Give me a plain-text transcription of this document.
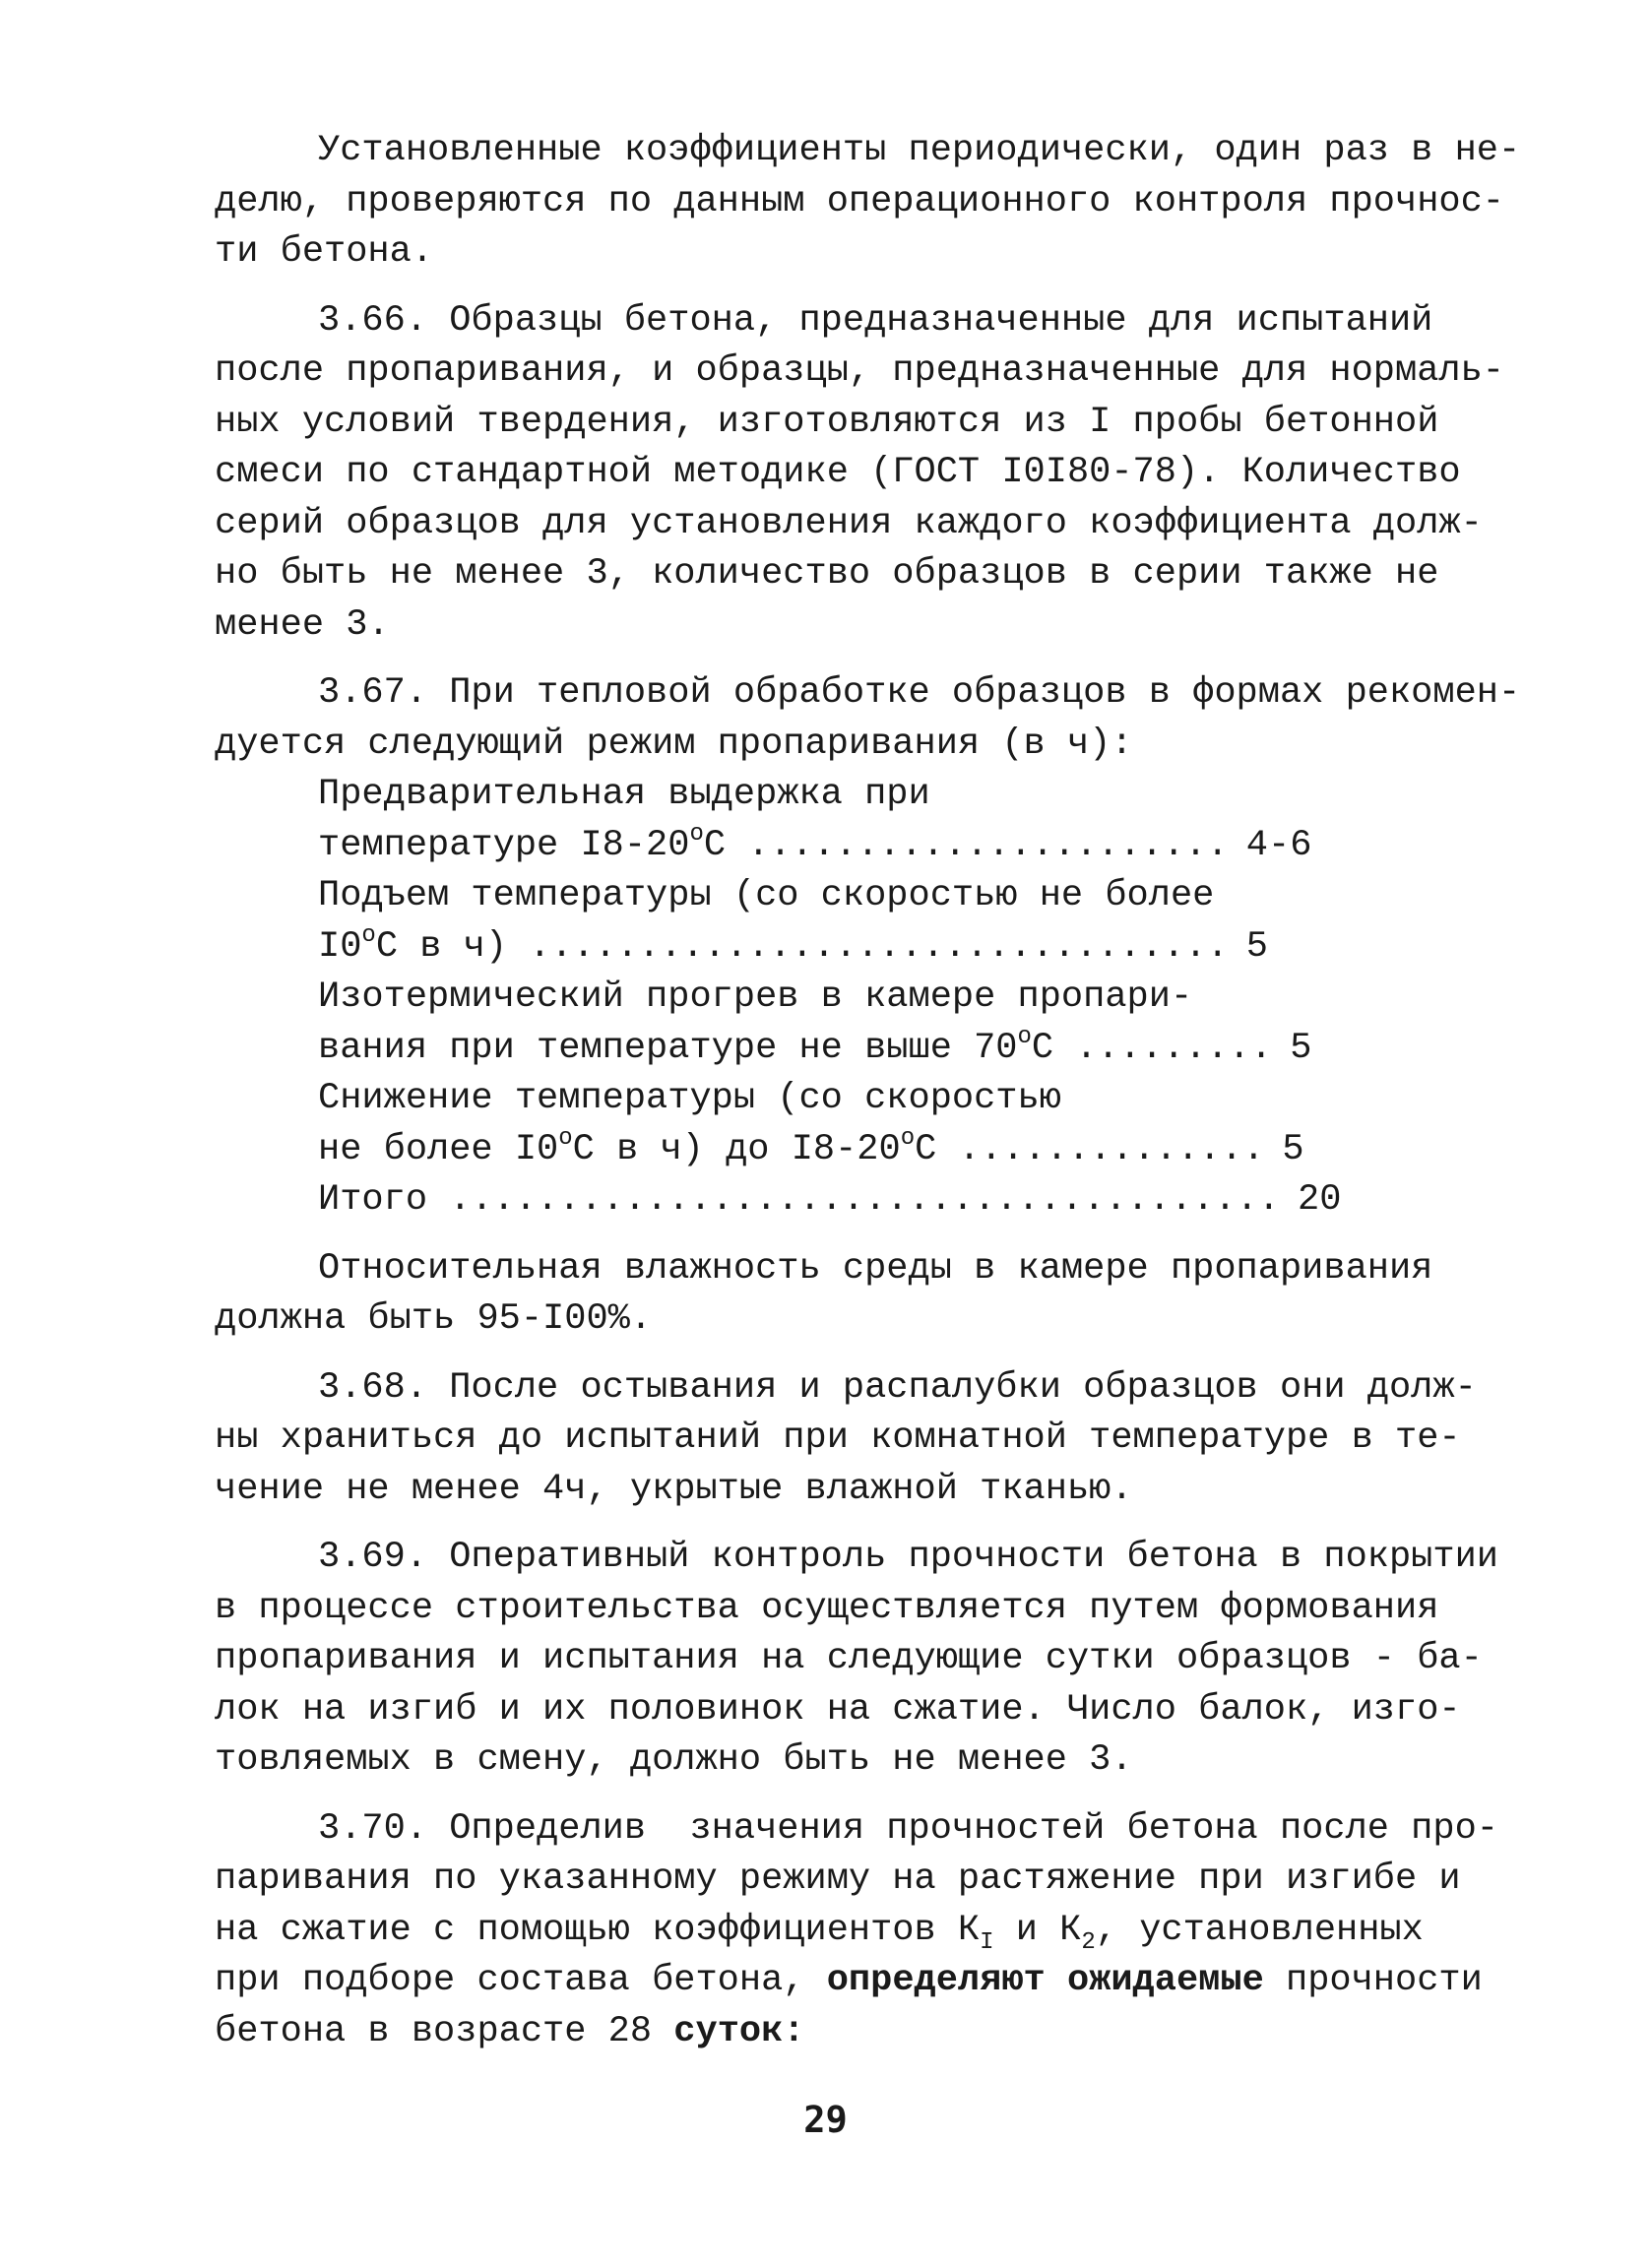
Установленные коэффициенты периодически, один раз в не-

делю, проверяются по данным операционного контроля прочнос-

ти бетона.

3.66. Образцы бетона, предназначенные для испытаний

после пропаривания, и образцы, предназначенные для нормаль-

ных условий твердения, изготовляются из I пробы бетонной

смеси по стандартной методике (ГОСТ I0I80-78). Количество

серий образцов для установления каждого коэффициента долж-

но быть не менее 3, количество образцов в серии также не

менее 3.

3.67. При тепловой обработке образцов в формах рекомен-

дуется следующий режим пропаривания (в ч):

Предварительная выдержка при

температуре I8-20$^o$C ...................... 4-6

Подъем температуры (со скоростью не более

I0$^o$C в ч) ................................ 5

Изотермический прогрев в камере пропари-

вания при температуре не выше 70$^o$C ......... 5

Снижение температуры (со скоростью

не более I0$^o$C в ч) до I8-20$^o$C .............. 5
Итого ...................................... 20

Относительная влажность среды в камере пропаривания

должна быть 95-I00%.

3.68. После остывания и распалубки образцов они долж-

ны храниться до испытаний при комнатной температуре в те-

чение не менее 4ч, укрытые влажной тканью.

3.69. Оперативный контроль прочности бетона в покрытии

в процессе строительства осуществляется путем формования

пропаривания и испытания на следующие сутки образцов - ба-

лок на изгиб и их половинок на сжатие. Число балок, изго-

товляемых в смену, должно быть не менее 3.

3.70. Определив  значения прочностей бетона после про-

паривания по указанному режиму на растяжение при изгибе и

на сжатие с помощью коэффициентов $К_I$ и $К_2$, установленных

при подборе состава бетона, определяют ожидаемые прочности

бетона в возрасте 28 суток:

29
